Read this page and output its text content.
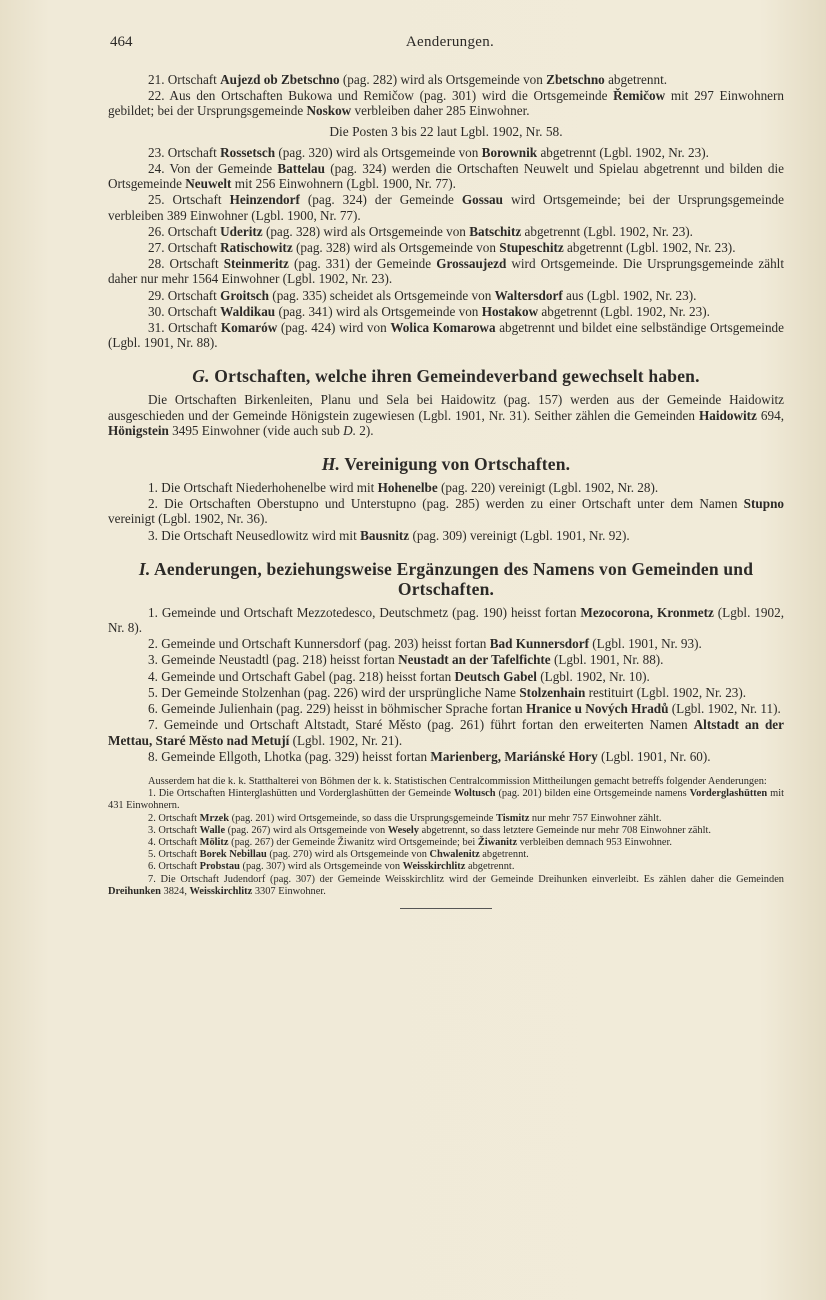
464	Aenderungen.

21. Ortschaft Aujezd ob Zbetschno (pag. 282) wird als Ortsgemeinde von Zbetschno abgetrennt.

22. Aus den Ortschaften Bukowa und Remičow (pag. 301) wird die Ortsgemeinde Řemičow mit 297 Einwohnern gebildet; bei der Ursprungsgemeinde Noskow verbleiben daher 285 Einwohner.

Die Posten 3 bis 22 laut Lgbl. 1902, Nr. 58.

23. Ortschaft Rossetsch (pag. 320) wird als Ortsgemeinde von Borownik abgetrennt (Lgbl. 1902, Nr. 23).

24. Von der Gemeinde Battelau (pag. 324) werden die Ortschaften Neuwelt und Spielau abgetrennt und bilden die Ortsgemeinde Neuwelt mit 256 Einwohnern (Lgbl. 1900, Nr. 77).

25. Ortschaft Heinzendorf (pag. 324) der Gemeinde Gossau wird Ortsgemeinde; bei der Ursprungsgemeinde verbleiben 389 Einwohner (Lgbl. 1900, Nr. 77).

26. Ortschaft Uderitz (pag. 328) wird als Ortsgemeinde von Batschitz abgetrennt (Lgbl. 1902, Nr. 23).

27. Ortschaft Ratischowitz (pag. 328) wird als Ortsgemeinde von Stupeschitz abgetrennt (Lgbl. 1902, Nr. 23).

28. Ortschaft Steinmeritz (pag. 331) der Gemeinde Grossaujezd wird Ortsgemeinde. Die Ursprungsgemeinde zählt daher nur mehr 1564 Einwohner (Lgbl. 1902, Nr. 23).

29. Ortschaft Groitsch (pag. 335) scheidet als Ortsgemeinde von Waltersdorf aus (Lgbl. 1902, Nr. 23).

30. Ortschaft Waldikau (pag. 341) wird als Ortsgemeinde von Hostakow abgetrennt (Lgbl. 1902, Nr. 23).

31. Ortschaft Komarów (pag. 424) wird von Wolica Komarowa abgetrennt und bildet eine selbständige Ortsgemeinde (Lgbl. 1901, Nr. 88).

G. Ortschaften, welche ihren Gemeindeverband gewechselt haben.

Die Ortschaften Birkenleiten, Planu und Sela bei Haidowitz (pag. 157) werden aus der Gemeinde Haidowitz ausgeschieden und der Gemeinde Hönigstein zugewiesen (Lgbl. 1901, Nr. 31). Seither zählen die Gemeinden Haidowitz 694, Hönigstein 3495 Einwohner (vide auch sub D. 2).

H. Vereinigung von Ortschaften.

1. Die Ortschaft Niederhohenelbe wird mit Hohenelbe (pag. 220) vereinigt (Lgbl. 1902, Nr. 28).

2. Die Ortschaften Oberstupno und Unterstupno (pag. 285) werden zu einer Ortschaft unter dem Namen Stupno vereinigt (Lgbl. 1902, Nr. 36).

3. Die Ortschaft Neusedlowitz wird mit Bausnitz (pag. 309) vereinigt (Lgbl. 1901, Nr. 92).

I. Aenderungen, beziehungsweise Ergänzungen des Namens von Gemeinden und Ortschaften.

1. Gemeinde und Ortschaft Mezzotedesco, Deutschmetz (pag. 190) heisst fortan Mezocorona, Kronmetz (Lgbl. 1902, Nr. 8).

2. Gemeinde und Ortschaft Kunnersdorf (pag. 203) heisst fortan Bad Kunnersdorf (Lgbl. 1901, Nr. 93).

3. Gemeinde Neustadtl (pag. 218) heisst fortan Neustadt an der Tafelfichte (Lgbl. 1901, Nr. 88).

4. Gemeinde und Ortschaft Gabel (pag. 218) heisst fortan Deutsch Gabel (Lgbl. 1902, Nr. 10).

5. Der Gemeinde Stolzenhan (pag. 226) wird der ursprüngliche Name Stolzenhain restituirt (Lgbl. 1902, Nr. 23).

6. Gemeinde Julienhain (pag. 229) heisst in böhmischer Sprache fortan Hranice u Nových Hradů (Lgbl. 1902, Nr. 11).

7. Gemeinde und Ortschaft Altstadt, Staré Město (pag. 261) führt fortan den erweiterten Namen Altstadt an der Mettau, Staré Město nad Metují (Lgbl. 1902, Nr. 21).

8. Gemeinde Ellgoth, Lhotka (pag. 329) heisst fortan Marienberg, Mariánské Hory (Lgbl. 1901, Nr. 60).

Ausserdem hat die k. k. Statthalterei von Böhmen der k. k. Statistischen Centralcommission Mittheilungen gemacht betreffs folgender Aenderungen:

1. Die Ortschaften Hinterglashütten und Vorderglashütten der Gemeinde Woltusch (pag. 201) bilden eine Ortsgemeinde namens Vorderglashütten mit 431 Einwohnern.

2. Ortschaft Mrzek (pag. 201) wird Ortsgemeinde, so dass die Ursprungsgemeinde Tismitz nur mehr 757 Einwohner zählt.

3. Ortschaft Walle (pag. 267) wird als Ortsgemeinde von Wesely abgetrennt, so dass letztere Gemeinde nur mehr 708 Einwohner zählt.

4. Ortschaft Mölitz (pag. 267) der Gemeinde Žiwanitz wird Ortsgemeinde; bei Žiwanitz verbleiben demnach 953 Einwohner.

5. Ortschaft Borek Nebillau (pag. 270) wird als Ortsgemeinde von Chwalenitz abgetrennt.

6. Ortschaft Probstau (pag. 307) wird als Ortsgemeinde von Weisskirchlitz abgetrennt.

7. Die Ortschaft Judendorf (pag. 307) der Gemeinde Weisskirchlitz wird der Gemeinde Dreihunken einverleibt. Es zählen daher die Gemeinden Dreihunken 3824, Weisskirchlitz 3307 Einwohner.
